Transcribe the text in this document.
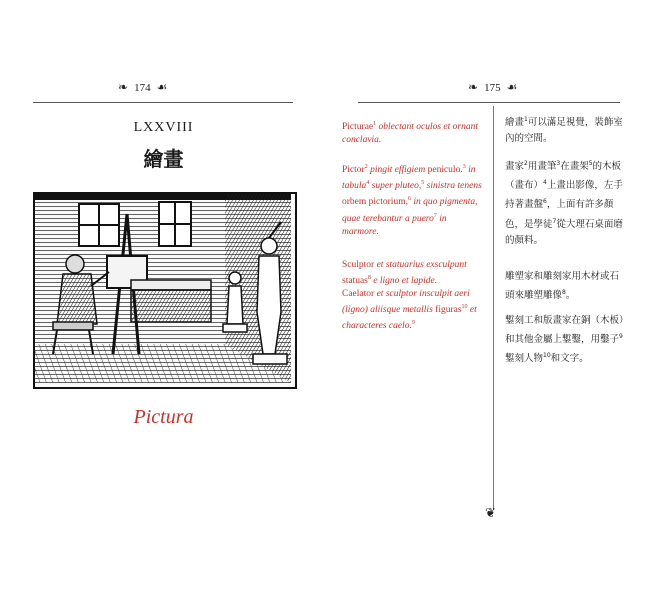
❧ 174 ☙
LXXVIII
繪畫
Pictura
❧ 175 ☙

Picturae$^1$ oblectant oculos et ornant conclavia.

Pictor$^2$ pingit effigiem peniculo.$^3$ in tabula$^4$ super pluteo,$^5$ sinistra tenens orbem pictorium,$^6$ in quo pigmenta, quae terebantur a puero$^7$ in marmore.

Sculptor et statuarius exsculpunt statuas$^8$ e ligno et lapide.

Caelator et sculptor insculpit aeri (ligno) aliisque metallis figuras$^{10}$ et characteres caelo.$^9$

❦

繪畫$^1$可以滿足視覺，裝飾室內的空間。

畫家$^2$用畫筆$^3$在畫架$^5$的木板（畫布）$^4$上畫出影像，左手持著畫盤$^6$，上面有許多顏色，是學徒$^7$從大理石桌面磨的顏料。

雕塑家和雕刻家用木材或石頭來雕塑雕像$^8$。

鏨刻工和版畫家在銅（木板）和其他金屬上鏨鑿，用鑿子$^9$鏨刻人物$^{10}$和文字。
